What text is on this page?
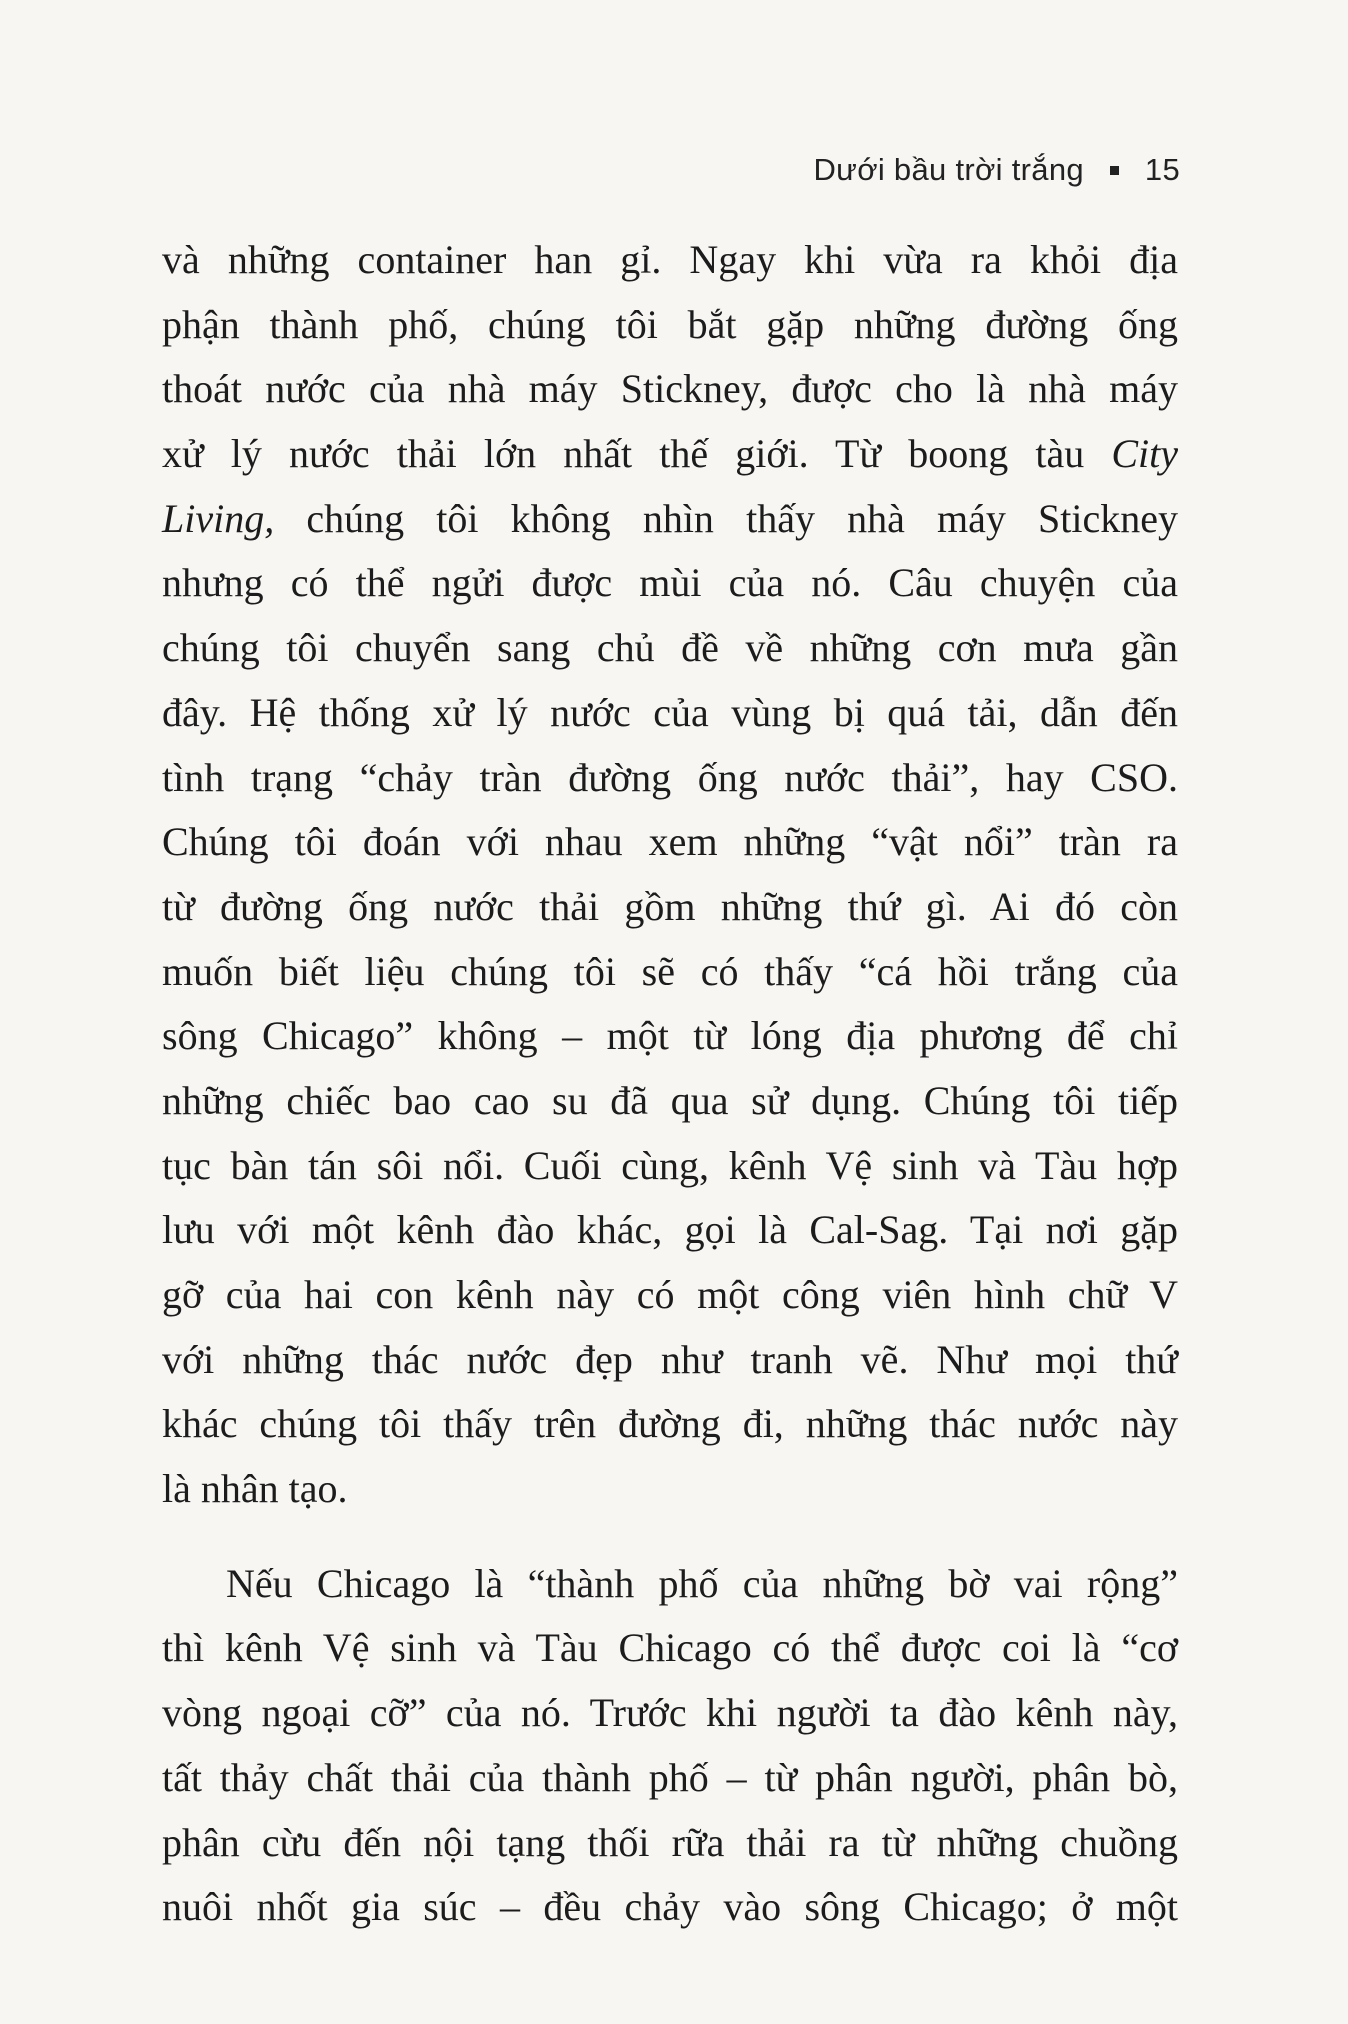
Dưới bầu trời trắng 15
và những container han gỉ. Ngay khi vừa ra khỏi địa
phận thành phố, chúng tôi bắt gặp những đường ống
thoát nước của nhà máy Stickney, được cho là nhà máy
xử lý nước thải lớn nhất thế giới. Từ boong tàu City
Living, chúng tôi không nhìn thấy nhà máy Stickney
nhưng có thể ngửi được mùi của nó. Câu chuyện của
chúng tôi chuyển sang chủ đề về những cơn mưa gần
đây. Hệ thống xử lý nước của vùng bị quá tải, dẫn đến
tình trạng “chảy tràn đường ống nước thải”, hay CSO.
Chúng tôi đoán với nhau xem những “vật nổi” tràn ra
từ đường ống nước thải gồm những thứ gì. Ai đó còn
muốn biết liệu chúng tôi sẽ có thấy “cá hồi trắng của
sông Chicago” không – một từ lóng địa phương để chỉ
những chiếc bao cao su đã qua sử dụng. Chúng tôi tiếp
tục bàn tán sôi nổi. Cuối cùng, kênh Vệ sinh và Tàu hợp
lưu với một kênh đào khác, gọi là Cal-Sag. Tại nơi gặp
gỡ của hai con kênh này có một công viên hình chữ V
với những thác nước đẹp như tranh vẽ. Như mọi thứ
khác chúng tôi thấy trên đường đi, những thác nước này
là nhân tạo.
Nếu Chicago là “thành phố của những bờ vai rộng”
thì kênh Vệ sinh và Tàu Chicago có thể được coi là “cơ
vòng ngoại cỡ” của nó. Trước khi người ta đào kênh này,
tất thảy chất thải của thành phố – từ phân người, phân bò,
phân cừu đến nội tạng thối rữa thải ra từ những chuồng
nuôi nhốt gia súc – đều chảy vào sông Chicago; ở một
